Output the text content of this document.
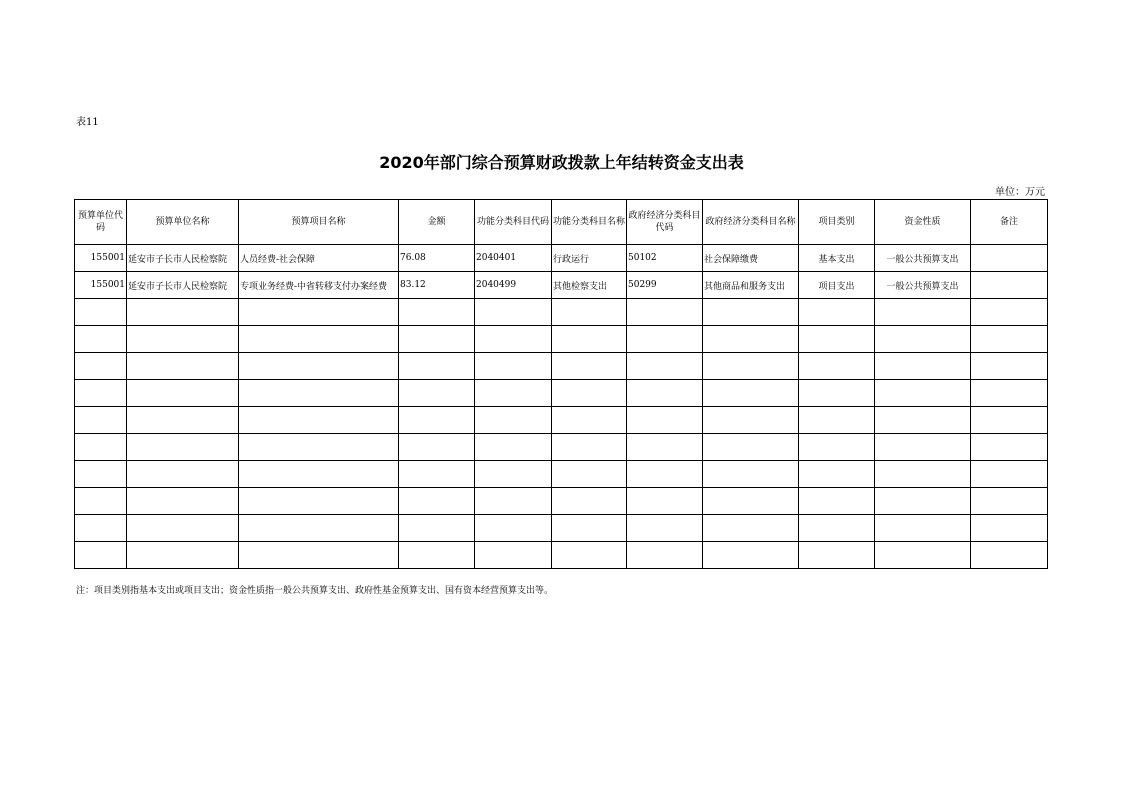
表11
2020年部门综合预算财政拨款上年结转资金支出表
单位：万元
预算单位代码	预算单位名称	预算项目名称	金额	功能分类科目代码	功能分类科目名称	政府经济分类科目代码	政府经济分类科目名称	项目类别	资金性质	备注
155001	延安市子长市人民检察院	人员经费-社会保障	76.08	2040401	行政运行	50102	社会保障缴费	基本支出	一般公共预算支出	
155001	延安市子长市人民检察院	专项业务经费-中省转移支付办案经费	83.12	2040499	其他检察支出	50299	其他商品和服务支出	项目支出	一般公共预算支出	

注：项目类别指基本支出或项目支出；资金性质指一般公共预算支出、政府性基金预算支出、国有资本经营预算支出等。
